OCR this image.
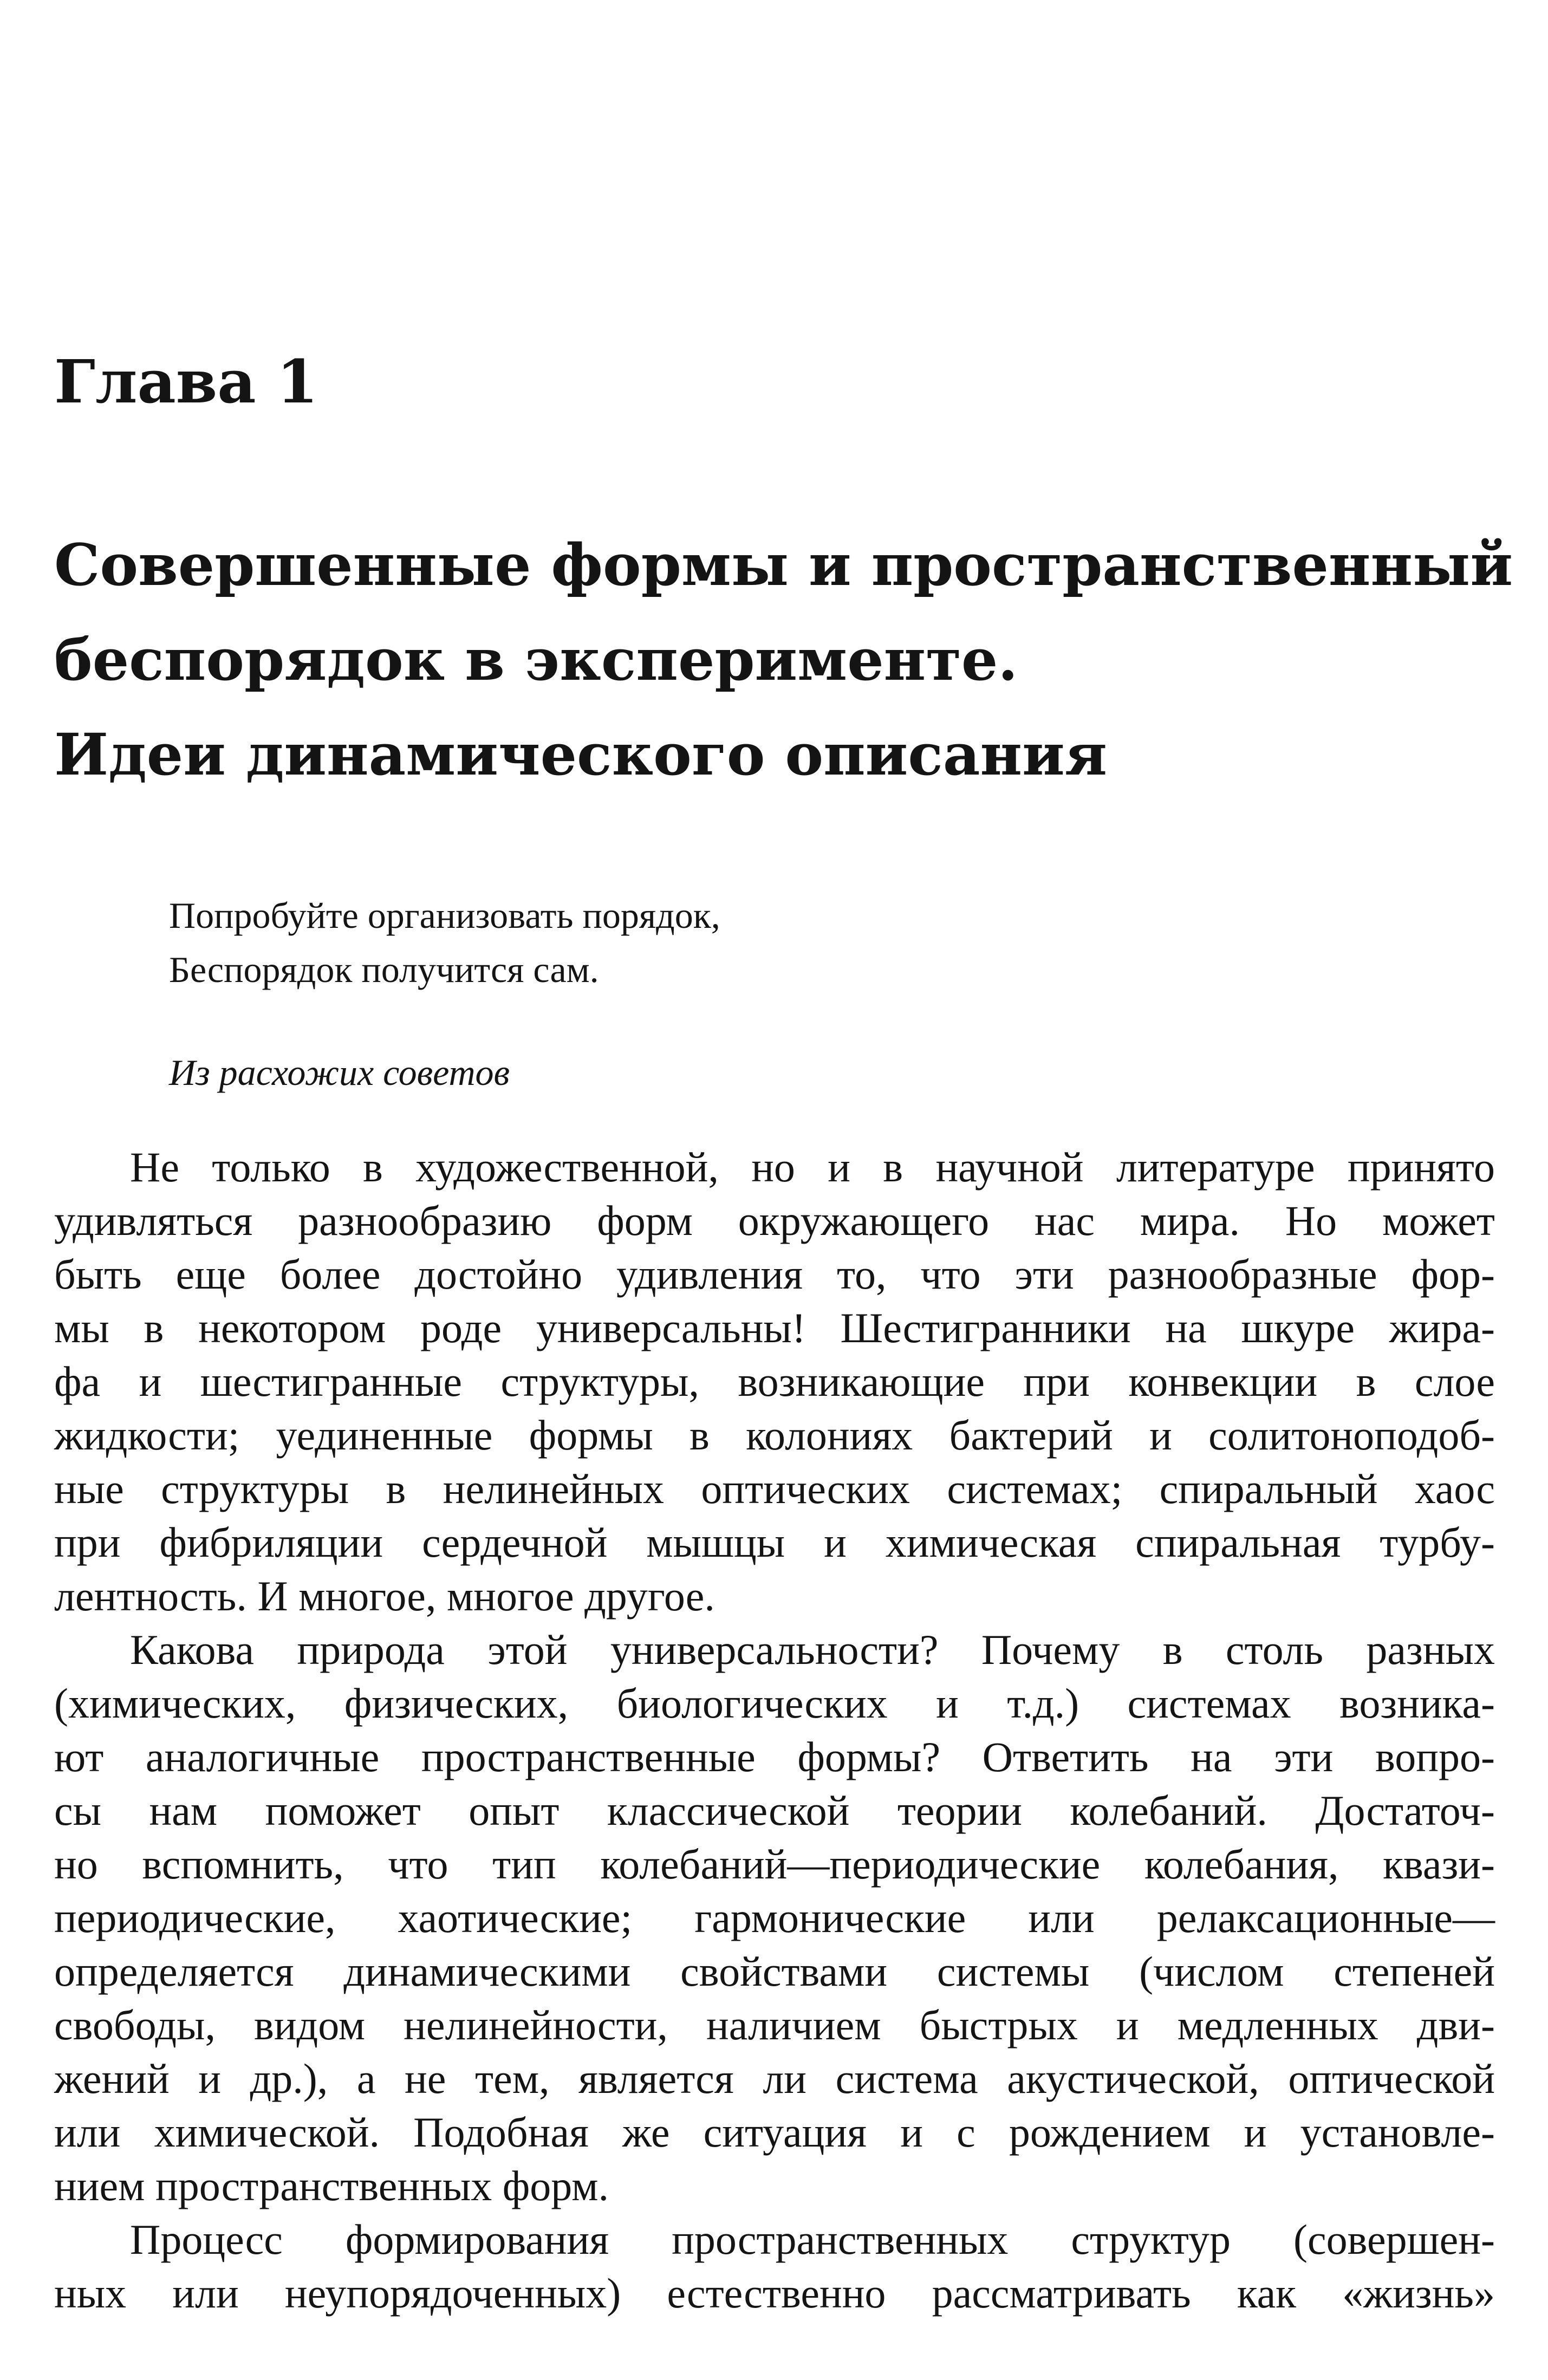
Глава 1
Совершенные формы и пространственный
беспорядок в эксперименте.
Идеи динамического описания
Попробуйте организовать порядок,
Беспорядок получится сам.
Из расхожих советов
Не только в художественной, но и в научной литературе принято
удивляться разнообразию форм окружающего нас мира. Но может
быть еще более достойно удивления то, что эти разнообразные фор-
мы в некотором роде универсальны! Шестигранники на шкуре жира-
фа и шестигранные структуры, возникающие при конвекции в слое
жидкости; уединенные формы в колониях бактерий и солитоноподоб-
ные структуры в нелинейных оптических системах; спиральный хаос
при фибриляции сердечной мышцы и химическая спиральная турбу-
лентность. И многое, многое другое.
Какова природа этой универсальности? Почему в столь разных
(химических, физических, биологических и т.д.) системах возника-
ют аналогичные пространственные формы? Ответить на эти вопро-
сы нам поможет опыт классической теории колебаний. Достаточ-
но вспомнить, что тип колебаний—периодические колебания, квази-
периодические, хаотические; гармонические или релаксационные—
определяется динамическими свойствами системы (числом степеней
свободы, видом нелинейности, наличием быстрых и медленных дви-
жений и др.), а не тем, является ли система акустической, оптической
или химической. Подобная же ситуация и с рождением и установле-
нием пространственных форм.
Процесс формирования пространственных структур (совершен-
ных или неупорядоченных) естественно рассматривать как «жизнь»
